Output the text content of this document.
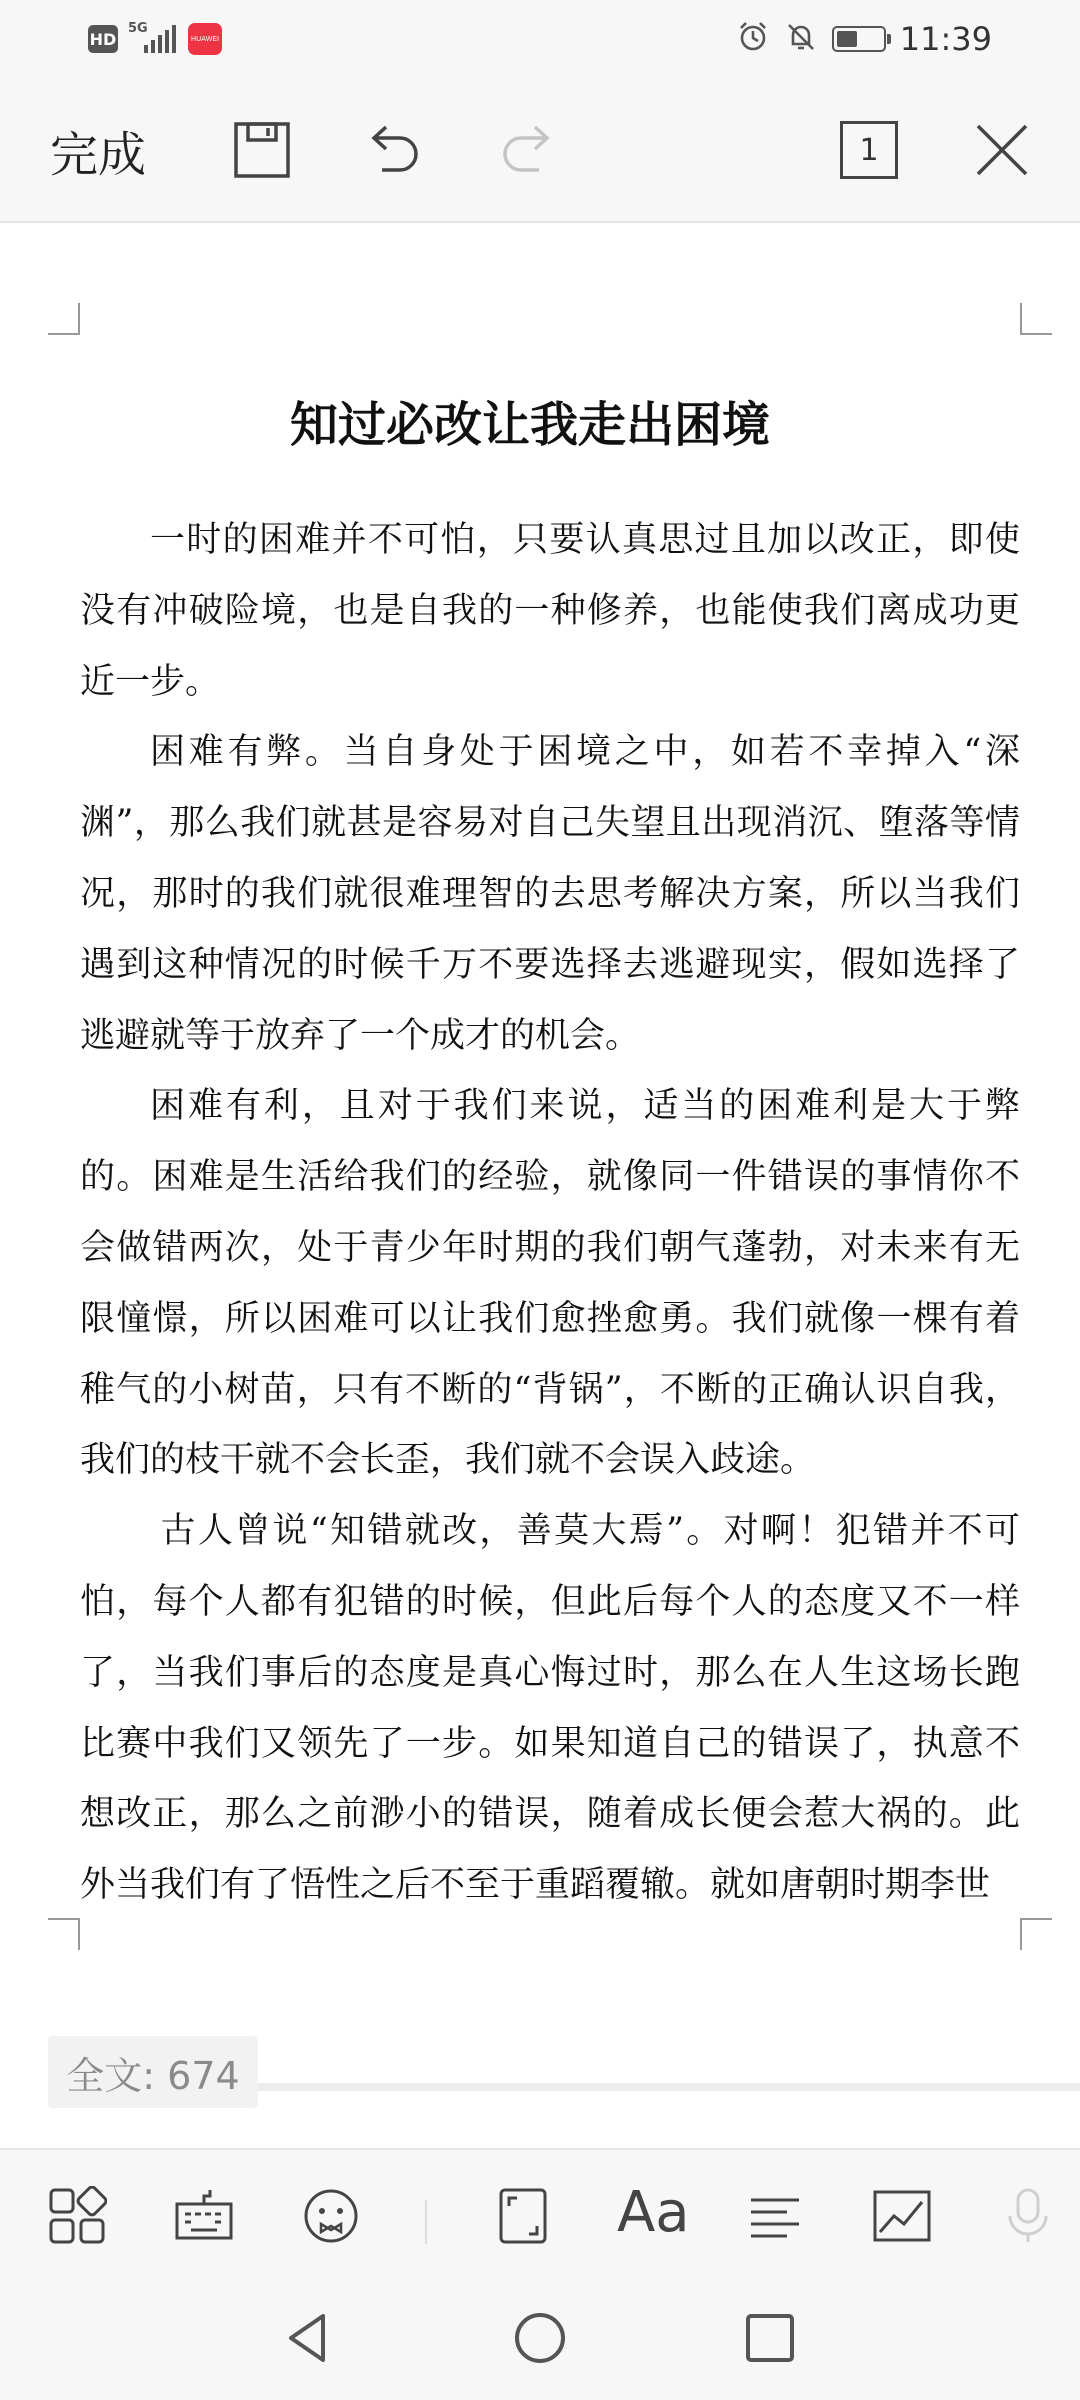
HD
5G
HUAWEI	11:39
完成	1
知过必改让我走出困境

一时的困难并不可怕，只要认真思过且加以改正，即使没有冲破险境，也是自我的一种修养，也能使我们离成功更近一步。

困难有弊。当自身处于困境之中，如若不幸掉入“深渊”，那么我们就甚是容易对自己失望且出现消沉、堕落等情况，那时的我们就很难理智的去思考解决方案，所以当我们遇到这种情况的时候千万不要选择去逃避现实，假如选择了逃避就等于放弃了一个成才的机会。

困难有利，且对于我们来说，适当的困难利是大于弊的。困难是生活给我们的经验，就像同一件错误的事情你不会做错两次，处于青少年时期的我们朝气蓬勃，对未来有无限憧憬，所以困难可以让我们愈挫愈勇。我们就像一棵有着稚气的小树苗，只有不断的“背锅”，不断的正确认识自我，我们的枝干就不会长歪，我们就不会误入歧途。

古人曾说“知错就改，善莫大焉”。对啊！犯错并不可怕，每个人都有犯错的时候，但此后每个人的态度又不一样了，当我们事后的态度是真心悔过时，那么在人生这场长跑比赛中我们又领先了一步。如果知道自己的错误了，执意不想改正，那么之前渺小的错误，随着成长便会惹大祸的。此外当我们有了悟性之后不至于重蹈覆辙。就如唐朝时期李世

全文: 674
Aa
